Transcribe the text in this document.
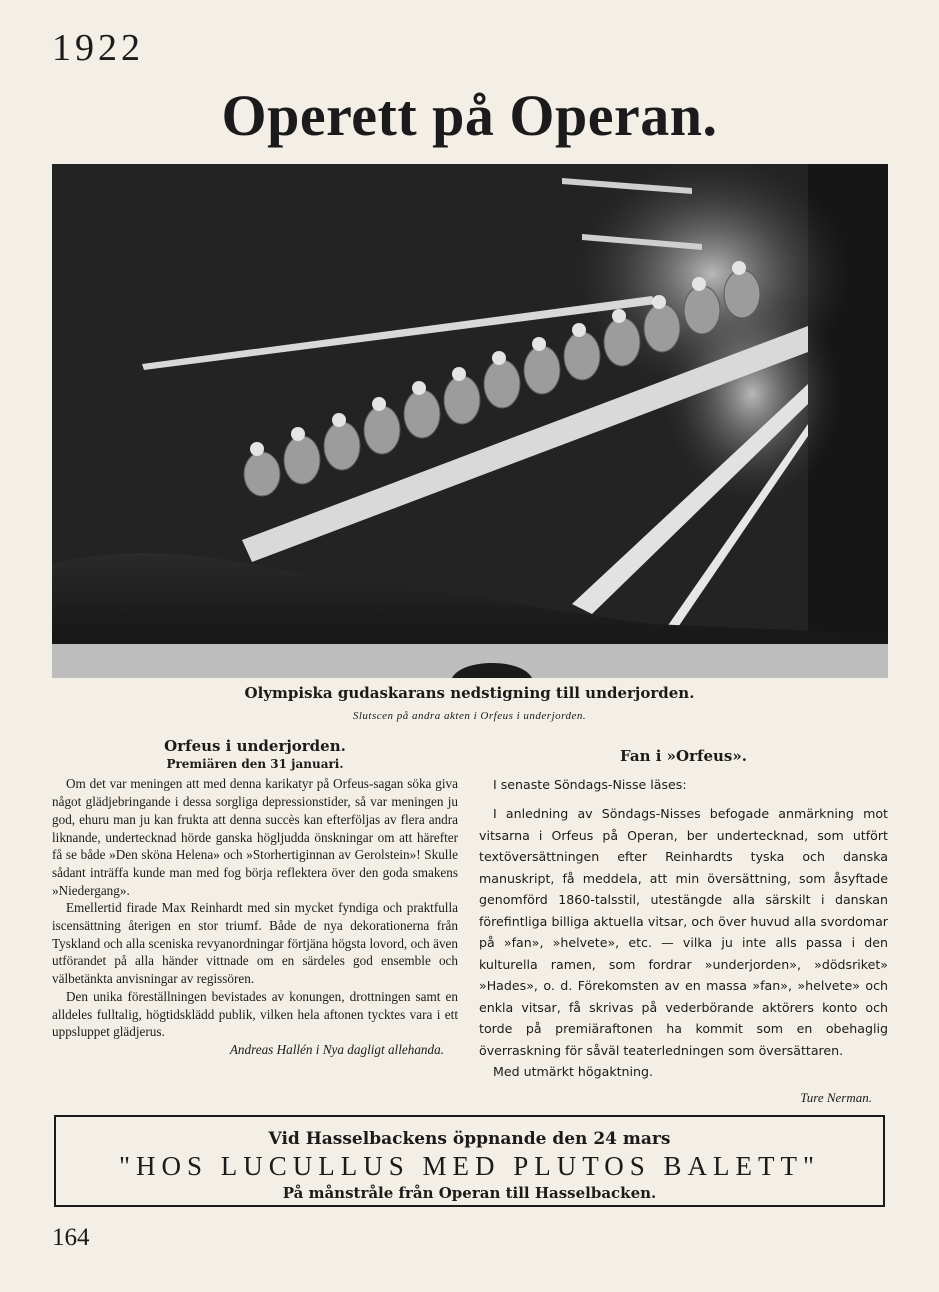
1922
Operett på Operan.
Olympiska gudaskarans nedstigning till underjorden.
Slutscen på andra akten i Orfeus i underjorden.
Orfeus i underjorden.
Premiären den 31 januari.

Om det var meningen att med denna karikatyr på Orfeus-sagan söka giva något glädjebringande i dessa sorgliga depressionstider, så var meningen ju god, ehuru man ju kan frukta att denna succès kan efterföljas av flera andra liknande, undertecknad hörde ganska högljudda önskningar om att härefter få se både »Den sköna Helena» och »Storhertiginnan av Gerolstein»! Skulle sådant inträffa kunde man med fog börja reflektera över den goda smakens »Niedergang».

Emellertid firade Max Reinhardt med sin mycket fyndiga och praktfulla iscensättning återigen en stor triumf. Både de nya dekorationerna från Tyskland och alla sceniska revyanordningar förtjäna högsta lovord, och även utförandet på alla händer vittnade om en särdeles god ensemble och välbetänkta anvisningar av regissören.

Den unika föreställningen bevistades av konungen, drottningen samt en alldeles fulltalig, högtidsklädd publik, vilken hela aftonen tycktes vara i ett uppsluppet glädjerus.

Andreas Hallén i Nya dagligt allehanda.

Fan i »Orfeus».

I senaste Söndags-Nisse läses:

I anledning av Söndags-Nisses befogade anmärkning mot vitsarna i Orfeus på Operan, ber undertecknad, som utfört textöversättningen efter Reinhardts tyska och danska manuskript, få meddela, att min översättning, som åsyftade genomförd 1860-talsstil, utestängde alla särskilt i danskan förefintliga billiga aktuella vitsar, och över huvud alla svordomar på »fan», »helvete», etc. — vilka ju inte alls passa i den kulturella ramen, som fordrar »underjorden», »dödsriket» »Hades», o. d. Förekomsten av en massa »fan», »helvete» och enkla vitsar, få skrivas på vederbörande aktörers konto och torde på premiäraftonen ha kommit som en obehaglig överraskning för såväl teaterledningen som översättaren.

Med utmärkt högaktning.

Ture Nerman.

Vid Hasselbackens öppnande den 24 mars
"HOS LUCULLUS MED PLUTOS BALETT"
På månstråle från Operan till Hasselbacken.
164
